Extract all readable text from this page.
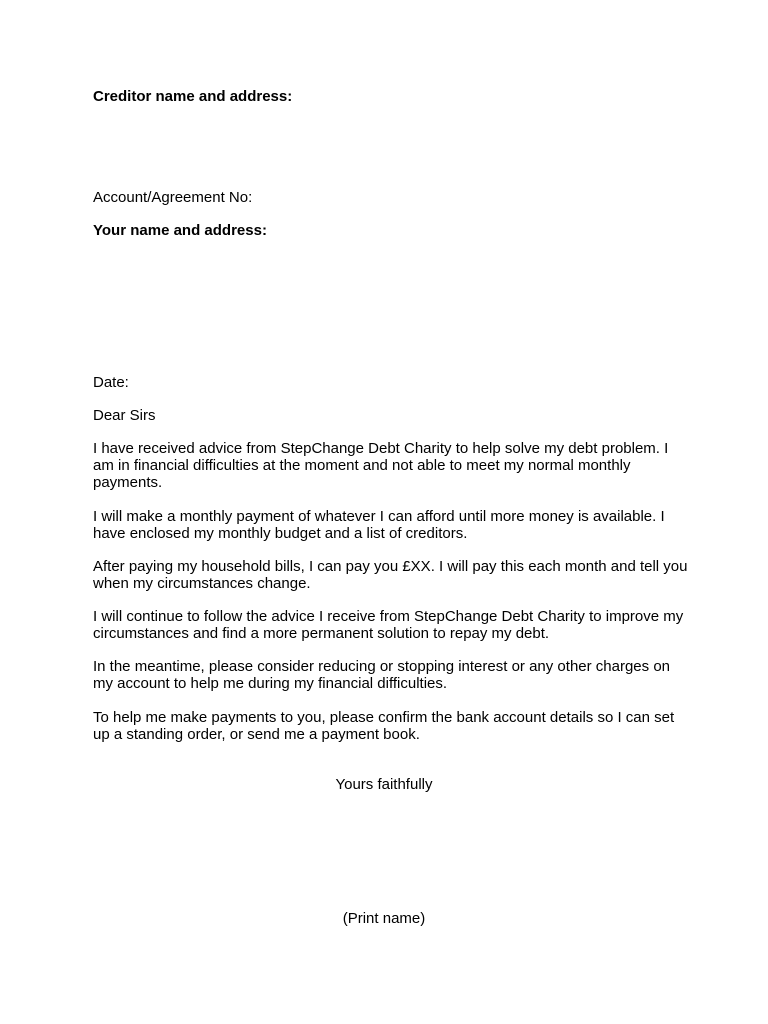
Creditor name and address:

Account/Agreement No:

Your name and address:

Date:

Dear Sirs

I have received advice from StepChange Debt Charity to help solve my debt problem. I am in financial difficulties at the moment and not able to meet my normal monthly payments.

I will make a monthly payment of whatever I can afford until more money is available. I have enclosed my monthly budget and a list of creditors.

After paying my household bills, I can pay you £XX. I will pay this each month and tell you when my circumstances change.

I will continue to follow the advice I receive from StepChange Debt Charity to improve my circumstances and find a more permanent solution to repay my debt.

In the meantime, please consider reducing or stopping interest or any other charges on my account to help me during my financial difficulties.

To help me make payments to you, please confirm the bank account details so I can set up a standing order, or send me a payment book.

Yours faithfully

(Print name)
